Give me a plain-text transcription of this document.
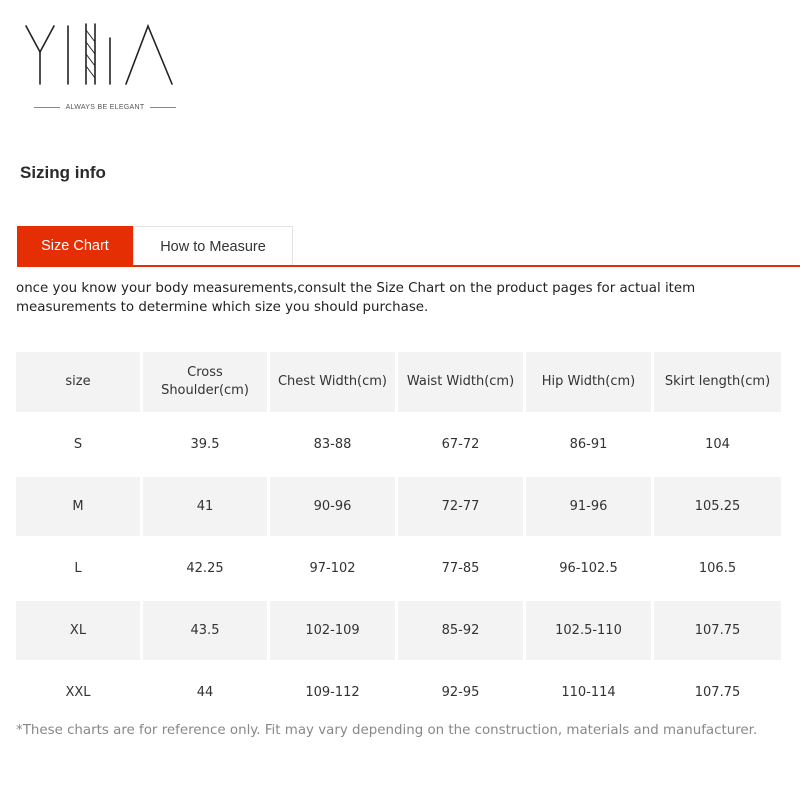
ALWAYS BE ELEGANT
Sizing info
Size Chart	How to Measure

once you know your body measurements,consult the Size Chart on the product pages for actual item measurements to determine which size you should purchase.

size	Cross Shoulder(cm)	Chest Width(cm)	Waist Width(cm)	Hip Width(cm)	Skirt length(cm)
S	39.5	83-88	67-72	86-91	104
M	41	90-96	72-77	91-96	105.25
L	42.25	97-102	77-85	96-102.5	106.5
XL	43.5	102-109	85-92	102.5-110	107.75
XXL	44	109-112	92-95	110-114	107.75

*These charts are for reference only. Fit may vary depending on the construction, materials and manufacturer.
